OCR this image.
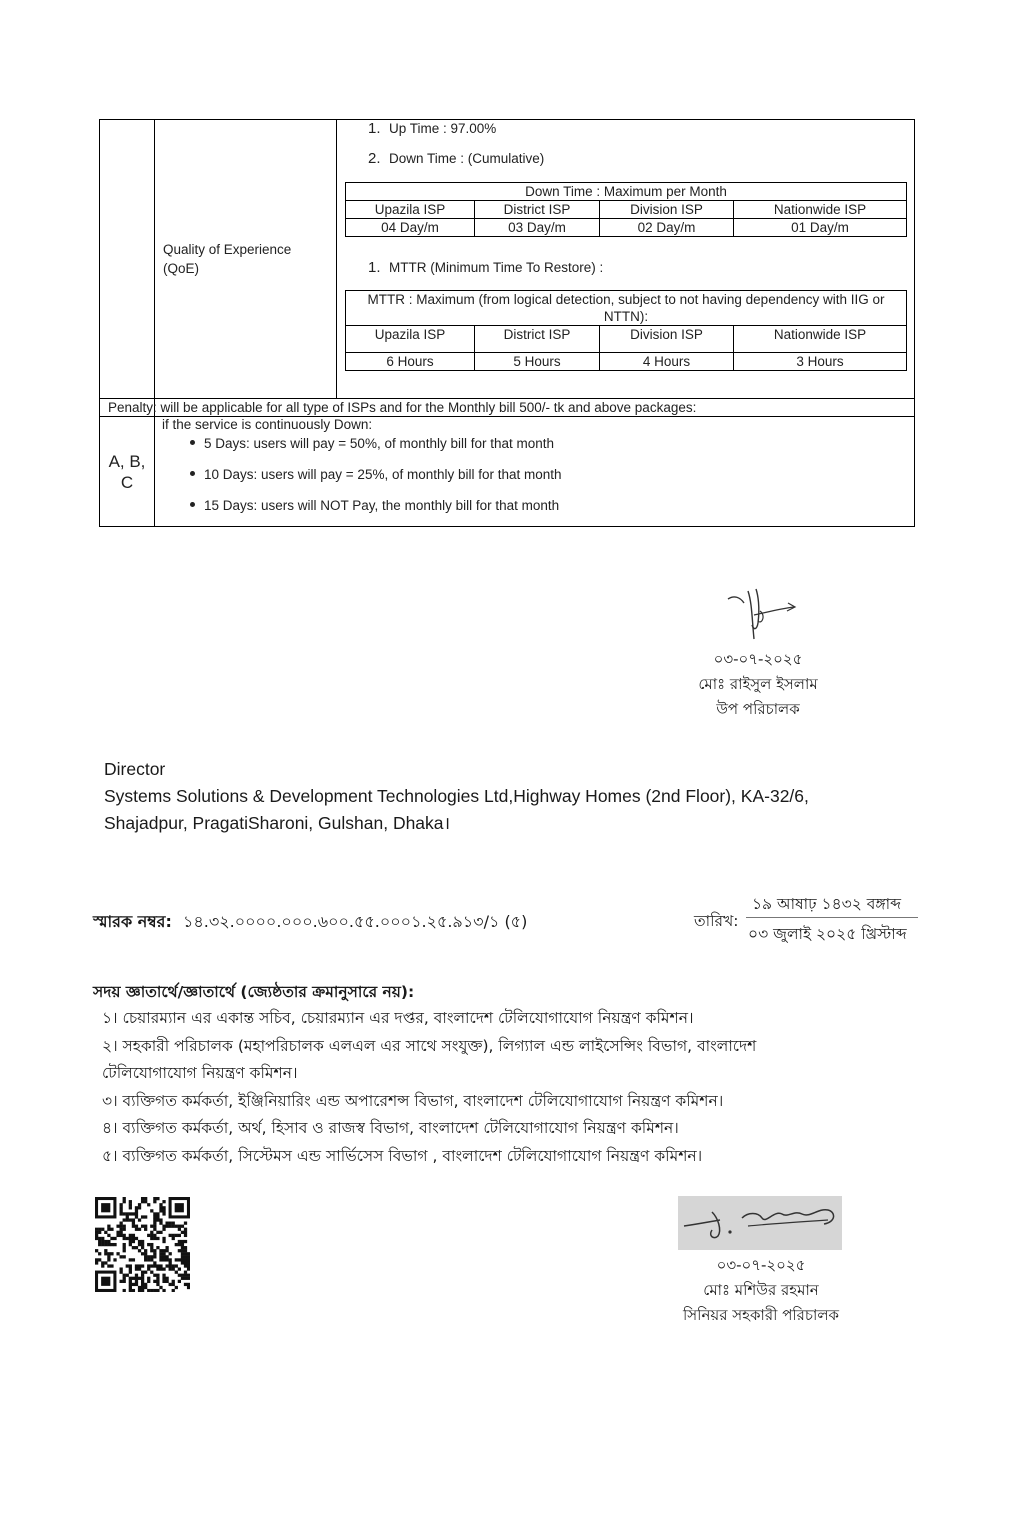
Quality of Experience
(QoE)
1. Up Time : 97.00%
2. Down Time : (Cumulative)
Down Time : Maximum per Month			
Upazila ISP	District ISP	Division ISP	Nationwide ISP
04 Day/m	03 Day/m	02 Day/m	01 Day/m
1. MTTR (Minimum Time To Restore) :
MTTR : Maximum (from logical detection, subject to not having dependency with IIG or
NTTN):			

Upazila ISP	District ISP	Division ISP	Nationwide ISP
6 Hours	5 Hours	4 Hours	3 Hours
Penalty: will be applicable for all type of ISPs and for the Monthly bill 500/- tk and above packages:
A, B,
C
if the service is continuously Down:
5 Days: users will pay = 50%, of monthly bill for that month
10 Days: users will pay = 25%, of monthly bill for that month
15 Days: users will NOT Pay, the monthly bill for that month
০৩-০৭-২০২৫
মোঃ রাইসুল ইসলাম
উপ পরিচালক
Director
Systems Solutions & Development Technologies Ltd,Highway Homes (2nd Floor), KA-32/6,
Shajadpur, PragatiSharoni, Gulshan, Dhaka।
স্মারক নম্বর: ১৪.৩২.০০০০.০০০.৬০০.৫৫.০০০১.২৫.৯১৩/১ (৫)	তারিখ:
১৯ আষাঢ় ১৪৩২ বঙ্গাব্দ
০৩ জুলাই ২০২৫ খ্রিস্টাব্দ
সদয় জ্ঞাতার্থে/জ্ঞাতার্থে (জ্যেষ্ঠতার ক্রমানুসারে নয়):
১। চেয়ারম্যান এর একান্ত সচিব, চেয়ারম্যান এর দপ্তর, বাংলাদেশ টেলিযোগাযোগ নিয়ন্ত্রণ কমিশন।
২। সহকারী পরিচালক (মহাপরিচালক এলএল এর সাথে সংযুক্ত), লিগ্যাল এন্ড লাইসেন্সিং বিভাগ, বাংলাদেশ
টেলিযোগাযোগ নিয়ন্ত্রণ কমিশন।
৩। ব্যক্তিগত কর্মকর্তা, ইঞ্জিনিয়ারিং এন্ড অপারেশন্স বিভাগ, বাংলাদেশ টেলিযোগাযোগ নিয়ন্ত্রণ কমিশন।
৪। ব্যক্তিগত কর্মকর্তা, অর্থ, হিসাব ও রাজস্ব বিভাগ, বাংলাদেশ টেলিযোগাযোগ নিয়ন্ত্রণ কমিশন।
৫। ব্যক্তিগত কর্মকর্তা, সিস্টেমস এন্ড সার্ভিসেস বিভাগ , বাংলাদেশ টেলিযোগাযোগ নিয়ন্ত্রণ কমিশন।
০৩-০৭-২০২৫
মোঃ মশিউর রহমান
সিনিয়র সহকারী পরিচালক
